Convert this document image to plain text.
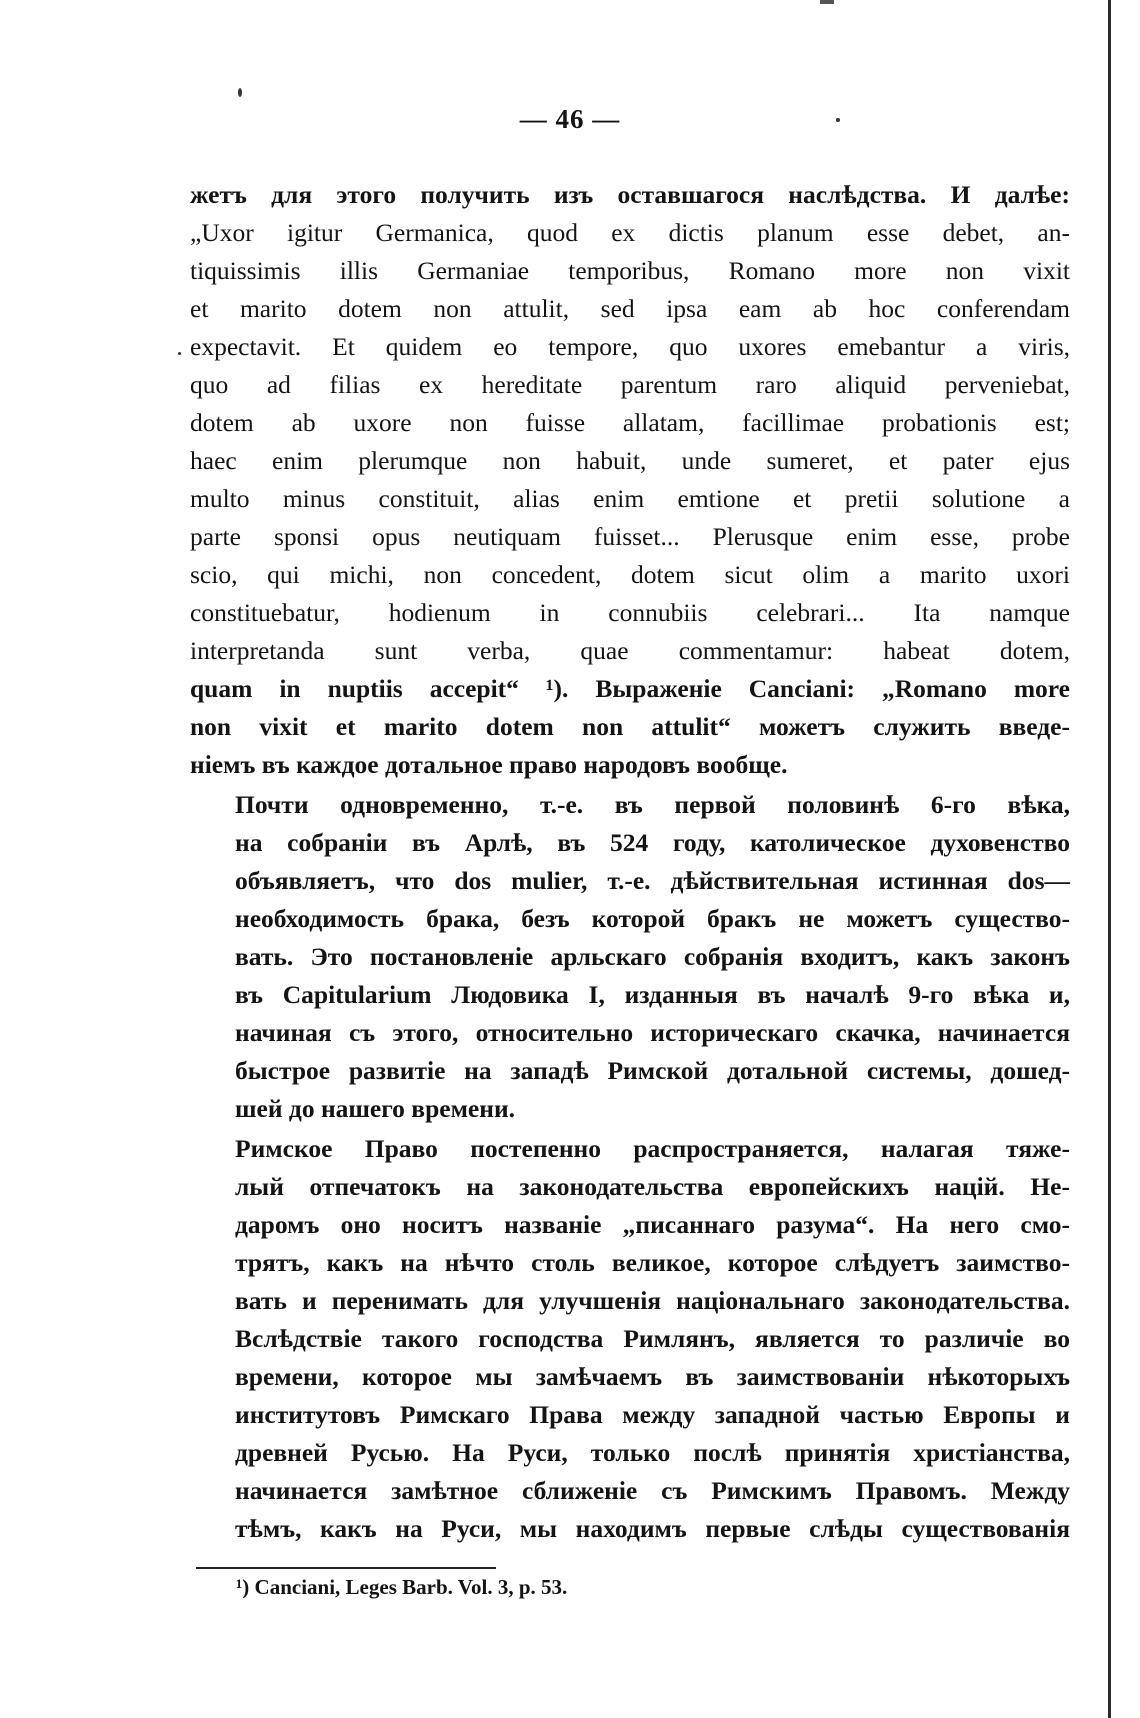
— 46 —
жетъ для этого получить изъ оставшагося наслѣдства. И далѣе:
„Uxor igitur Germanica, quod ex dictis planum esse debet, an-
tiquissimis illis Germaniae temporibus, Romano more non vixit
et marito dotem non attulit, sed ipsa eam ab hoc conferendam
expectavit. Et quidem eo tempore, quo uxores emebantur a viris,
quo ad filias ex hereditate parentum raro aliquid perveniebat,
dotem ab uxore non fuisse allatam, facillimae probationis est;
haec enim plerumque non habuit, unde sumeret, et pater ejus
multo minus constituit, alias enim emtione et pretii solutione a
parte sponsi opus neutiquam fuisset... Plerusque enim esse, probe
scio, qui michi, non concedent, dotem sicut olim a marito uxori
constituebatur, hodienum in connubiis celebrari... Ita namque
interpretanda sunt verba, quae commentamur: habeat dotem,
quam in nuptiis accepit“ ¹). Выраженіе Canciani: „Romano more
non vixit et marito dotem non attulit“ можетъ служить введе-
ніемъ въ каждое дотальное право народовъ вообще.
Почти одновременно, т.-е. въ первой половинѣ 6-го вѣка,
на собраніи въ Арлѣ, въ 524 году, католическое духовенство
объявляетъ, что dos mulier, т.-е. дѣйствительная истинная dos—
необходимость брака, безъ которой бракъ не можетъ существо-
вать. Это постановленіе арльскаго собранія входитъ, какъ законъ
въ Capitularium Людовика I, изданныя въ началѣ 9-го вѣка и,
начиная съ этого, относительно историческаго скачка, начинается
быстрое развитіе на западѣ Римской дотальной системы, дошед-
шей до нашего времени.
Римское Право постепенно распространяется, налагая тяже-
лый отпечатокъ на законодательства европейскихъ націй. Не-
даромъ оно носитъ названіе „писаннаго разума“. На него смо-
трятъ, какъ на нѣчто столь великое, которое слѣдуетъ заимство-
вать и перенимать для улучшенія національнаго законодательства.
Вслѣдствіе такого господства Римлянъ, является то различіе во
времени, которое мы замѣчаемъ въ заимствованіи нѣкоторыхъ
институтовъ Римскаго Права между западной частью Европы и
древней Русью. На Руси, только послѣ принятія христіанства,
начинается замѣтное сближеніе съ Римскимъ Правомъ. Между
тѣмъ, какъ на Руси, мы находимъ первые слѣды существованія
¹) Canciani, Leges Barb. Vol. 3, p. 53.
